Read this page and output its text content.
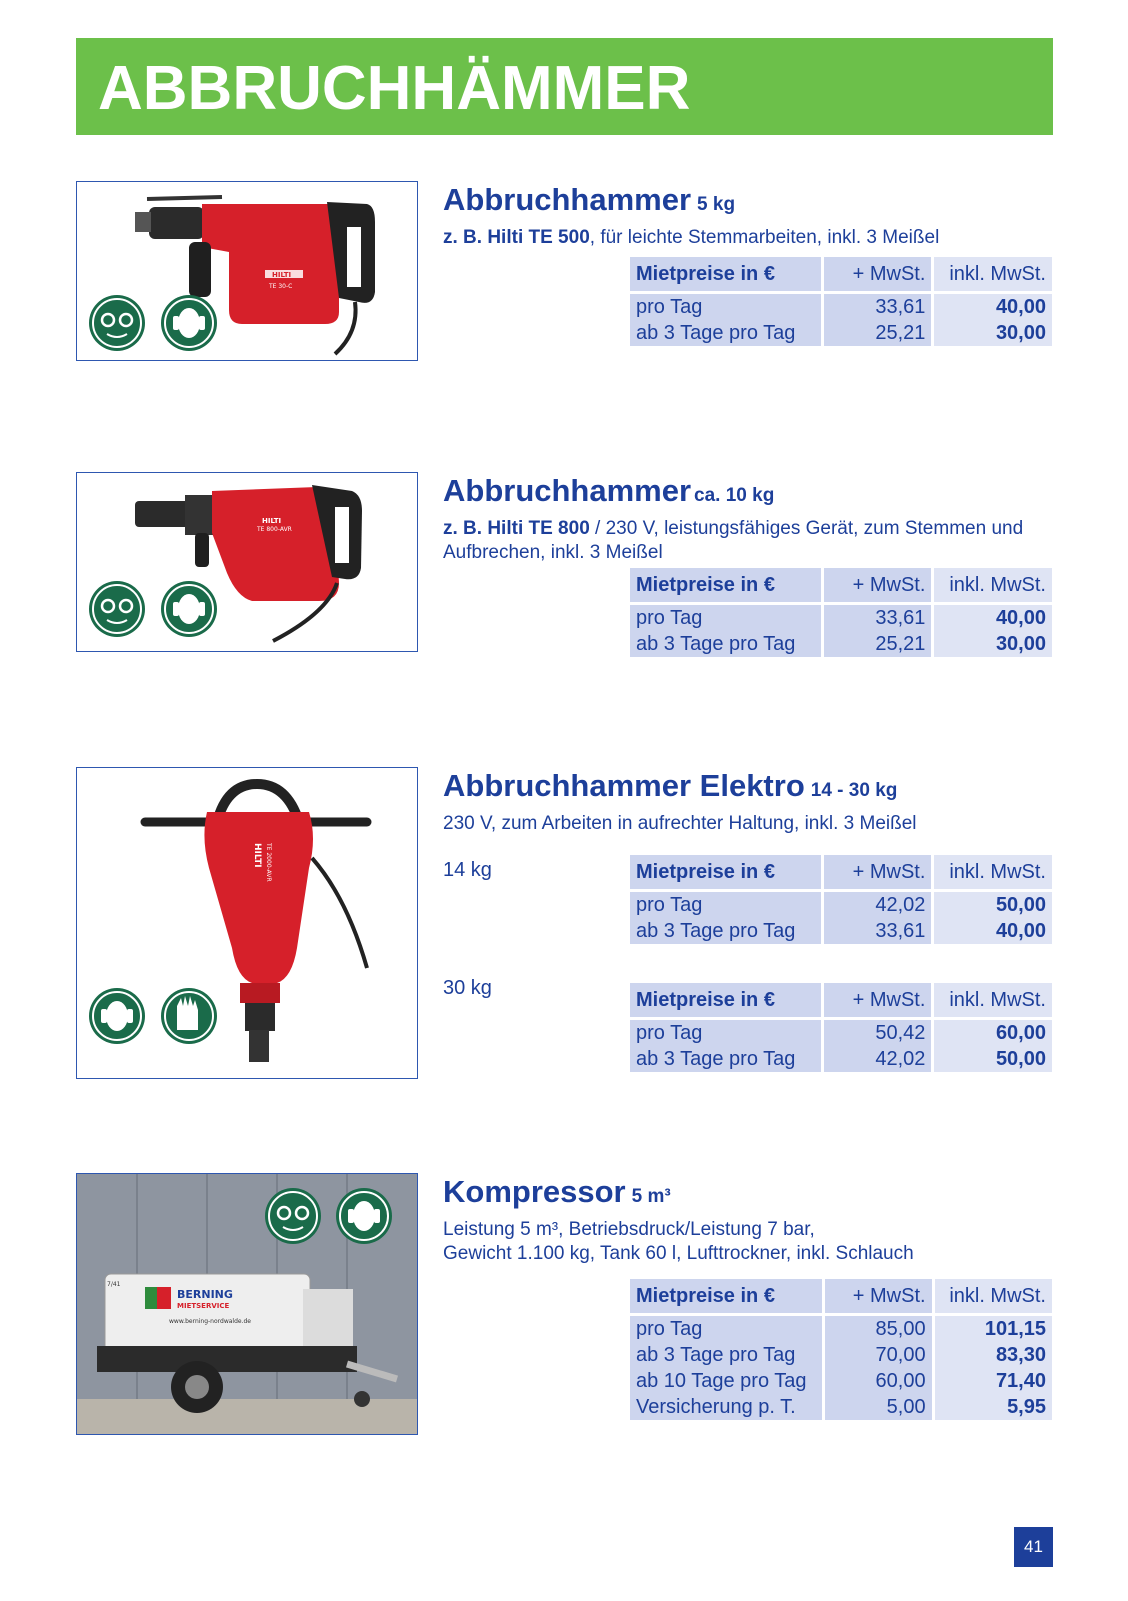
ABBRUCHHÄMMER
HILTI
TE 30-C
Abbruchhammer 5 kg

z. B. Hilti TE 500, für leichte Stemmarbeiten, inkl. 3 Meißel

Mietpreise in €	+ MwSt.	inkl. MwSt.
pro Tag	33,61	40,00
ab 3 Tage pro Tag	25,21	30,00
HILTI
TE 800-AVR
Abbruchhammer ca. 10 kg

z. B. Hilti TE 800 / 230 V, leistungsfähiges Gerät, zum Stemmen und Aufbrechen, inkl. 3 Meißel

Mietpreise in €	+ MwSt.	inkl. MwSt.
pro Tag	33,61	40,00
ab 3 Tage pro Tag	25,21	30,00
HILTI TE 2000-AVR
Abbruchhammer Elektro 14 - 30 kg

230 V, zum Arbeiten in aufrechter Haltung, inkl. 3 Meißel

14 kg	Mietpreise in €	+ MwSt.	inkl. MwSt.
pro Tag	42,02	50,00
ab 3 Tage pro Tag	33,61	40,00
30 kg
Mietpreise in €	+ MwSt.	inkl. MwSt.
pro Tag	50,42	60,00
ab 3 Tage pro Tag	42,02	50,00
BERNING
MIETSERVICE
www.berning-nordwalde.de
7/41
Kompressor 5 m³

Leistung 5 m³, Betriebsdruck/Leistung 7 bar,
Gewicht 1.100 kg, Tank 60 l, Lufttrockner, inkl. Schlauch

Mietpreise in €	+ MwSt.	inkl. MwSt.
pro Tag	85,00	101,15
ab 3 Tage pro Tag	70,00	83,30
ab 10 Tage pro Tag	60,00	71,40
Versicherung p. T.	5,00	5,95
41
